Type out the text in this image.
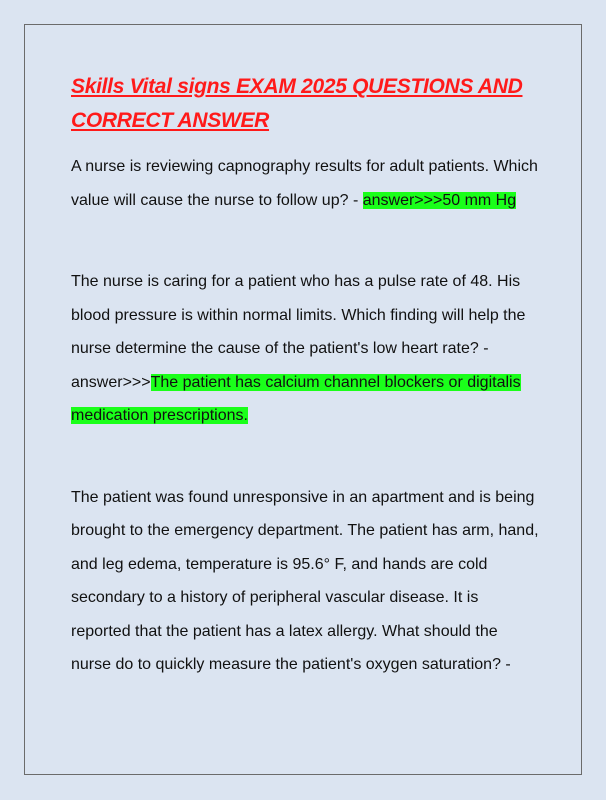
Skills Vital signs EXAM 2025 QUESTIONS AND CORRECT ANSWER

A nurse is reviewing capnography results for adult patients. Which value will cause the nurse to follow up? - answer>>>50 mm Hg

The nurse is caring for a patient who has a pulse rate of 48. His blood pressure is within normal limits. Which finding will help the nurse determine the cause of the patient's low heart rate? - answer>>>The patient has calcium channel blockers or digitalis medication prescriptions.

The patient was found unresponsive in an apartment and is being brought to the emergency department. The patient has arm, hand, and leg edema, temperature is 95.6° F, and hands are cold secondary to a history of peripheral vascular disease. It is reported that the patient has a latex allergy. What should the nurse do to quickly measure the patient's oxygen saturation? -
